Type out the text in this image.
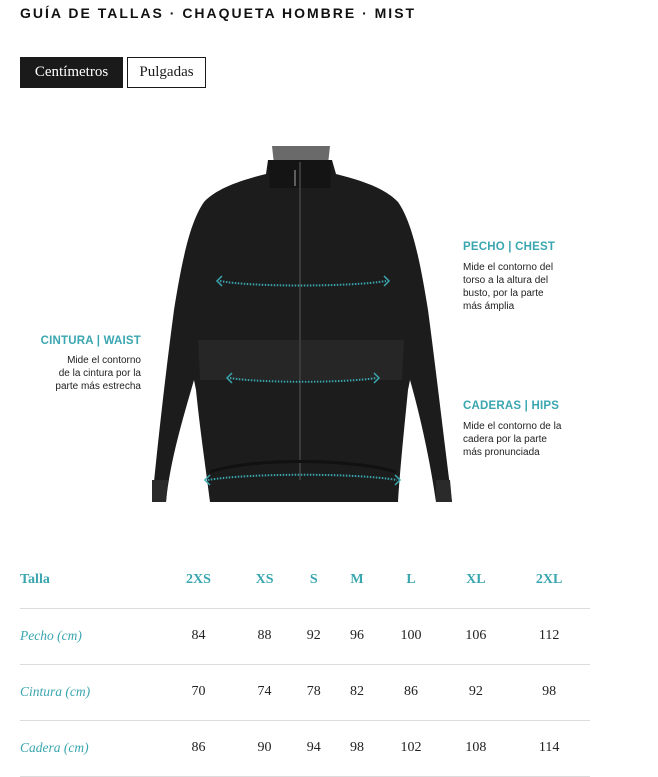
GUÍA DE TALLAS · CHAQUETA HOMBRE · MIST
Centímetros	Pulgadas
PECHO | CHEST
Mide el contorno del
torso a la altura del
busto, por la parte
más ámplia
CINTURA | WAIST
Mide el contorno
de la cintura por la
parte más estrecha
CADERAS | HIPS
Mide el contorno de la
cadera por la parte
más pronunciada
Talla	2XS	XS	S	M	L	XL	2XL
Pecho (cm)	84	88	92	96	100	106	112
Cintura (cm)	70	74	78	82	86	92	98
Cadera (cm)	86	90	94	98	102	108	114
